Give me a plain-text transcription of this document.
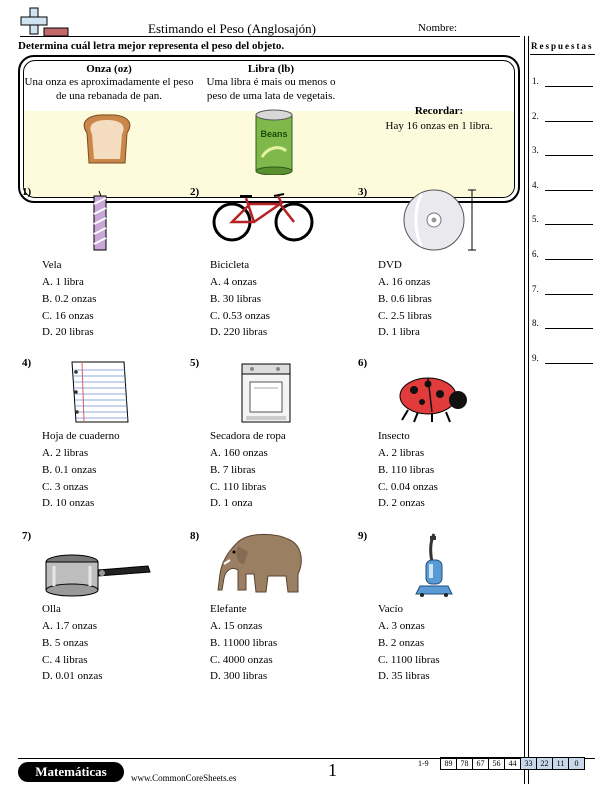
Estimando el Peso (Anglosajón)	Nombre:
Determina cuál letra mejor representa el peso del objeto.
Onza (oz)
Una onza es aproximadamente el peso de una rebanada de pan.
Libra (lb)
Uma libra é mais ou menos o peso de uma lata de vegetais.
Recordar:
Hay 16 onzas en 1 libra.
Beans
Respuestas
1.
2.
3.
4.
5.
6.
7.
8.
9.
1)
Vela
A. 1 libra
B. 0.2 onzas
C. 16 onzas
D. 20 libras
2)
Bicicleta
A. 4 onzas
B. 30 libras
C. 0.53 onzas
D. 220 libras
3)
DVD
A. 16 onzas
B. 0.6 libras
C. 2.5 libras
D. 1 libra
4)
Hoja de cuaderno
A. 2 libras
B. 0.1 onzas
C. 3 onzas
D. 10 onzas
5)
Secadora de ropa
A. 160 onzas
B. 7 libras
C. 110 libras
D. 1 onza
6)
Insecto
A. 2 libras
B. 110 libras
C. 0.04 onzas
D. 2 onzas
7)
Olla
A. 1.7 onzas
B. 5 onzas
C. 4 libras
D. 0.01 onzas
8)
Elefante
A. 15 onzas
B. 11000 libras
C. 4000 onzas
D. 300 libras
9)
Vacío
A. 3 onzas
B. 2 onzas
C. 1100 libras
D. 35 libras
Matemáticas	www.CommonCoreSheets.es	1	1-9 89	78	67	56	44	33	22	11	0
